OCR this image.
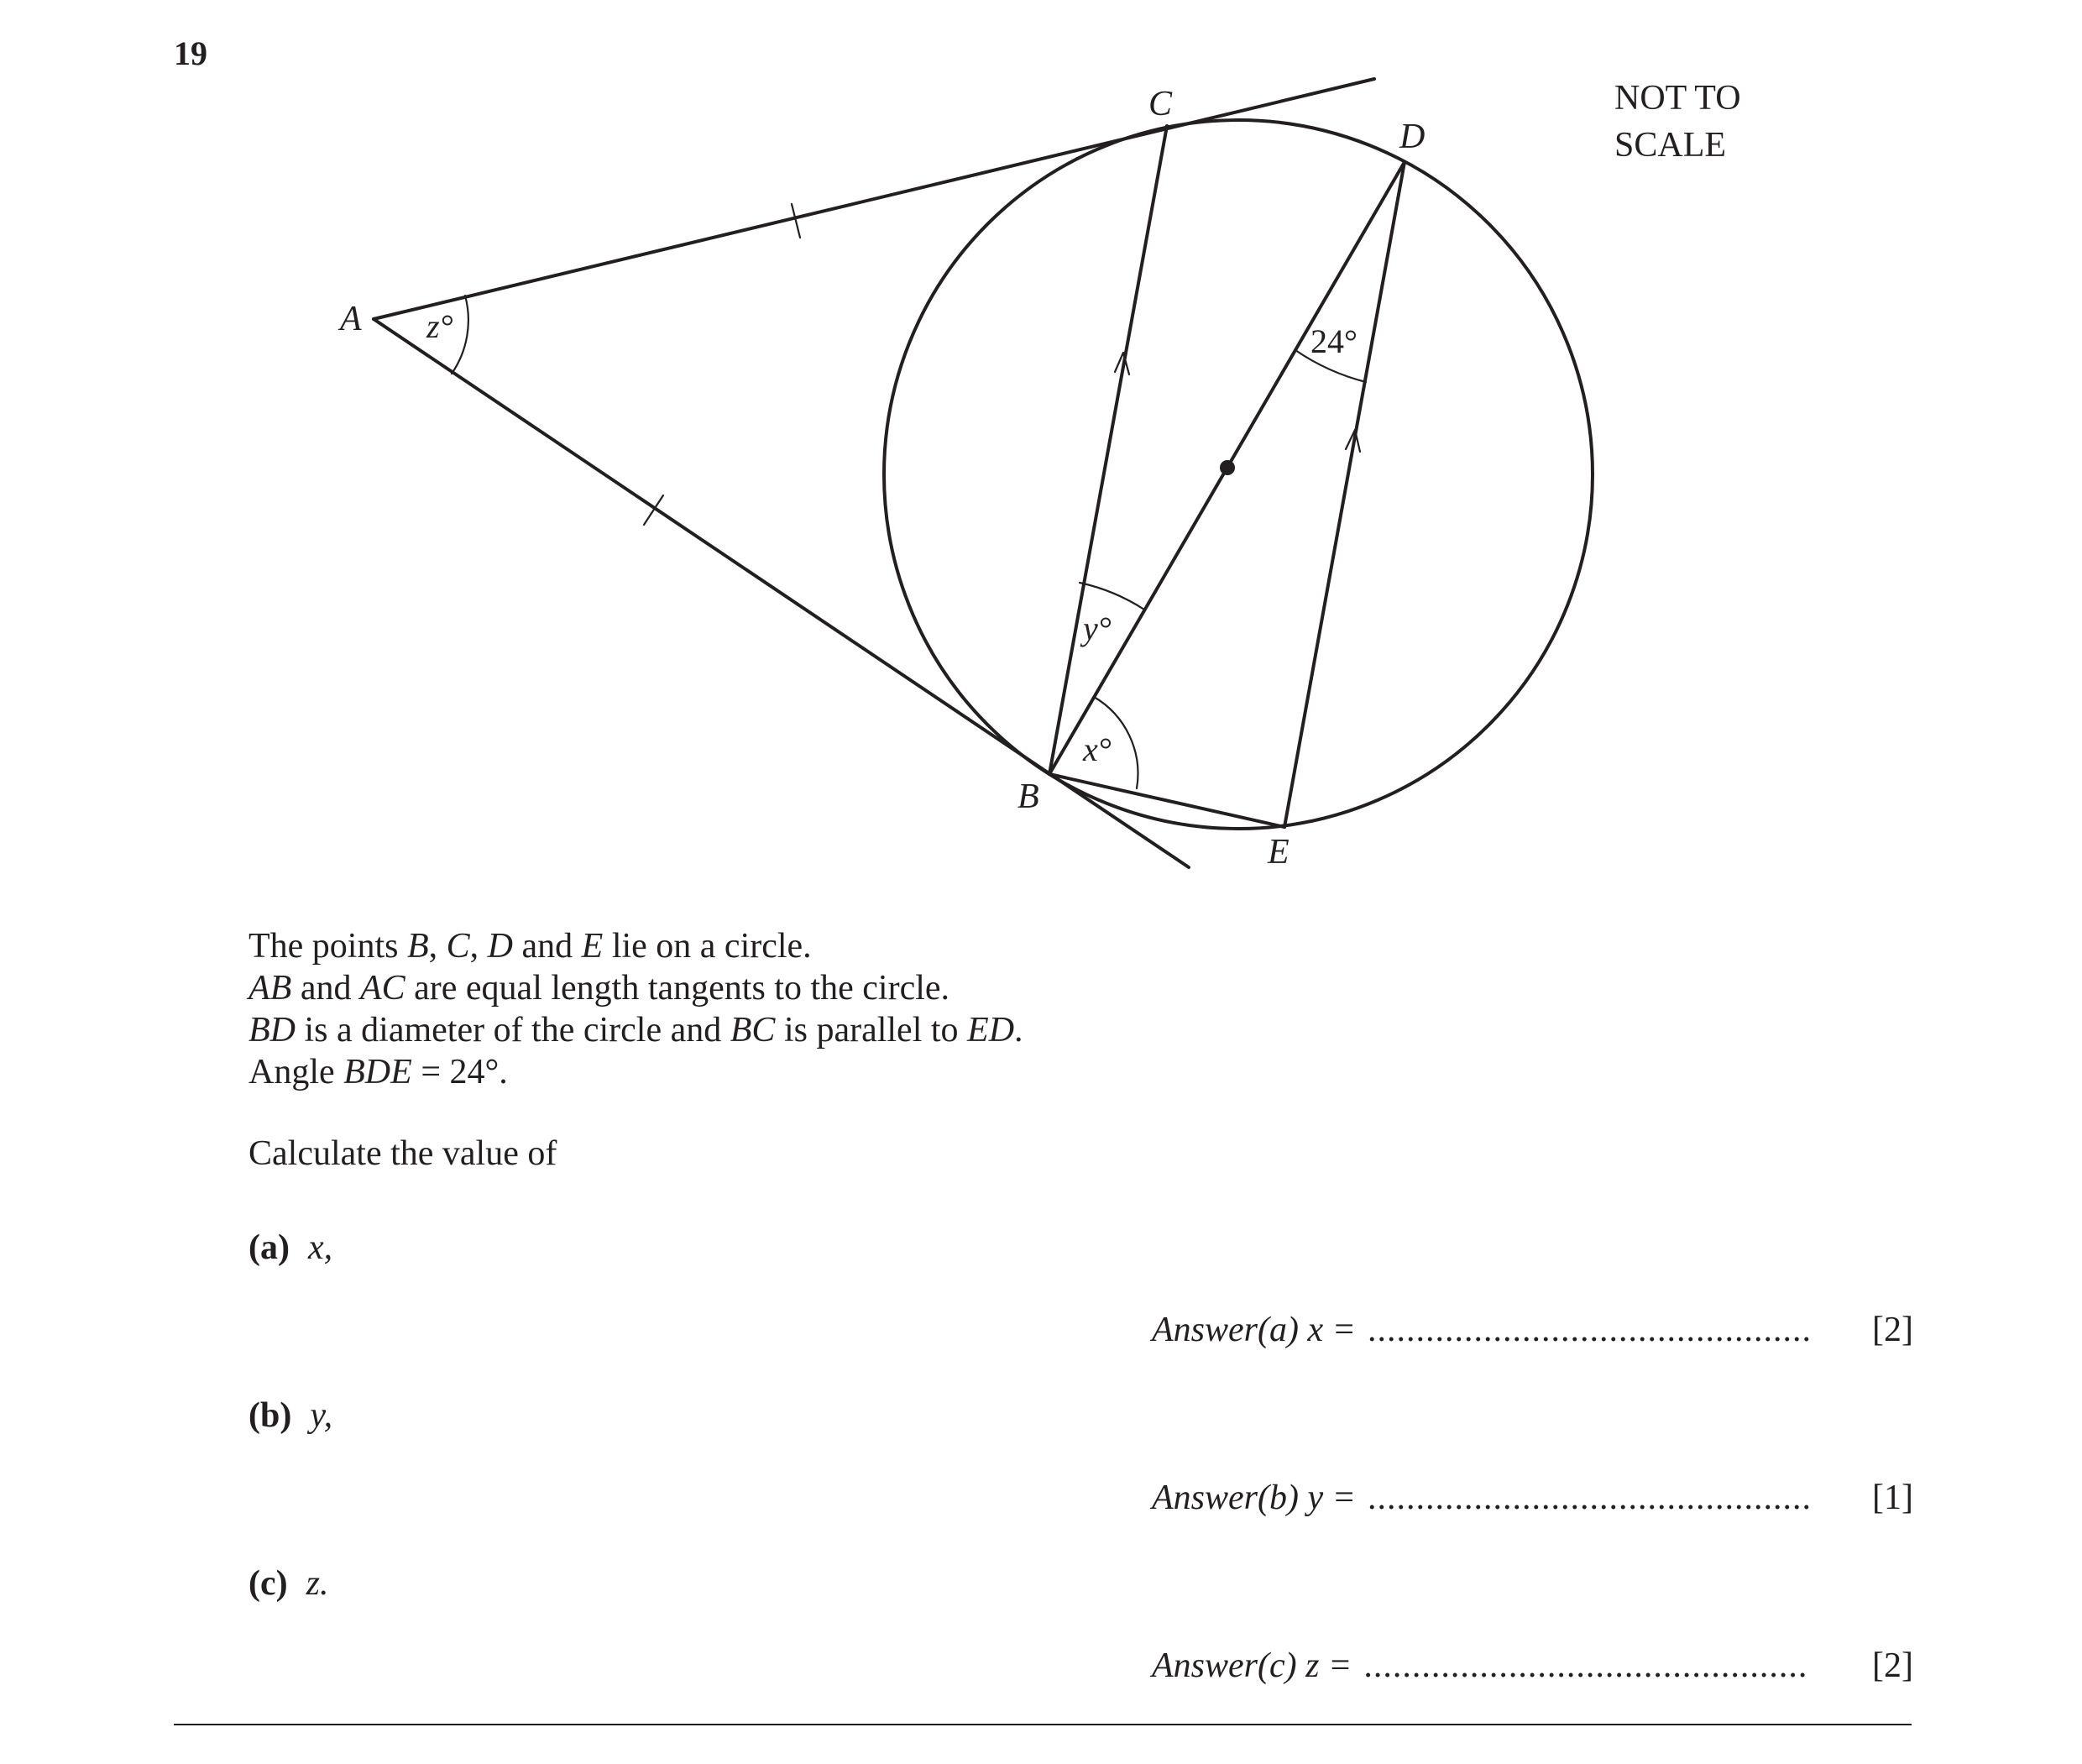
19
A
B
C
D
E
z°
y°
x°
24°
NOT TO
SCALE

The points B, C, D and E lie on a circle.

AB and AC are equal length tangents to the circle.

BD is a diameter of the circle and BC is parallel to ED.

Angle BDE = 24°.

Calculate the value of
(a) x,
Answer(a) x = .............................................. [2]
(b) y,
Answer(b) y = .............................................. [1]
(c) z.
Answer(c) z = .............................................. [2]
